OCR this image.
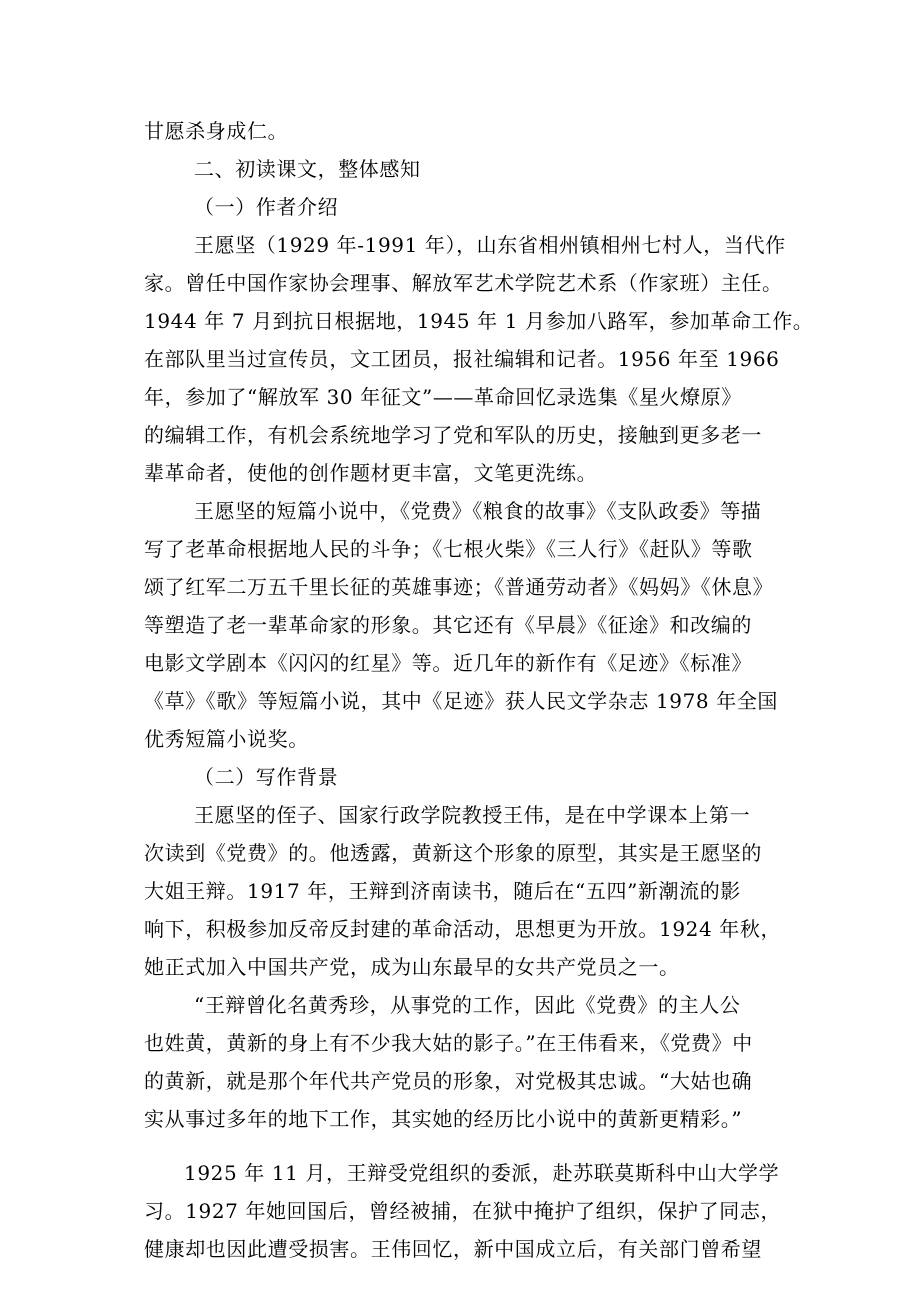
甘愿杀身成仁。

二、初读课文，整体感知

（一）作者介绍

王愿坚（1929 年-1991 年），山东省相州镇相州七村人，当代作

家。曾任中国作家协会理事、解放军艺术学院艺术系（作家班）主任。

1944 年 7 月到抗日根据地，1945 年 1 月参加八路军，参加革命工作。

在部队里当过宣传员，文工团员，报社编辑和记者。1956 年至 1966

年，参加了“解放军 30 年征文”——革命回忆录选集《星火燎原》

的编辑工作，有机会系统地学习了党和军队的历史，接触到更多老一

辈革命者，使他的创作题材更丰富，文笔更洗练。

王愿坚的短篇小说中，《党费》《粮食的故事》《支队政委》等描

写了老革命根据地人民的斗争；《七根火柴》《三人行》《赶队》等歌

颂了红军二万五千里长征的英雄事迹；《普通劳动者》《妈妈》《休息》

等塑造了老一辈革命家的形象。其它还有《早晨》《征途》和改编的

电影文学剧本《闪闪的红星》等。近几年的新作有《足迹》《标准》

《草》《歌》等短篇小说，其中《足迹》获人民文学杂志 1978 年全国

优秀短篇小说奖。

（二）写作背景

王愿坚的侄子、国家行政学院教授王伟，是在中学课本上第一

次读到《党费》的。他透露，黄新这个形象的原型，其实是王愿坚的

大姐王辩。1917 年，王辩到济南读书，随后在“五四”新潮流的影

响下，积极参加反帝反封建的革命活动，思想更为开放。1924 年秋，

她正式加入中国共产党，成为山东最早的女共产党员之一。

“王辩曾化名黄秀珍，从事党的工作，因此《党费》的主人公

也姓黄，黄新的身上有不少我大姑的影子。”在王伟看来，《党费》中

的黄新，就是那个年代共产党员的形象，对党极其忠诚。“大姑也确

实从事过多年的地下工作，其实她的经历比小说中的黄新更精彩。”

1925 年 11 月，王辩受党组织的委派，赴苏联莫斯科中山大学学

习。1927 年她回国后，曾经被捕，在狱中掩护了组织，保护了同志，

健康却也因此遭受损害。王伟回忆，新中国成立后，有关部门曾希望
